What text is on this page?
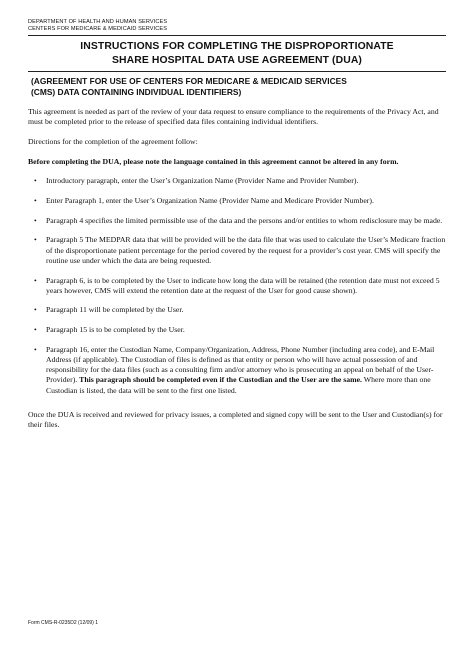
DEPARTMENT OF HEALTH AND HUMAN SERVICES
CENTERS FOR MEDICARE & MEDICAID SERVICES
INSTRUCTIONS FOR COMPLETING THE DISPROPORTIONATE
SHARE HOSPITAL DATA USE AGREEMENT (DUA)
(AGREEMENT FOR USE OF CENTERS FOR MEDICARE & MEDICAID SERVICES
(CMS) DATA CONTAINING INDIVIDUAL IDENTIFIERS)

This agreement is needed as part of the review of your data request to ensure compliance to the requirements of the Privacy Act, and must be completed prior to the release of specified data files containing individual identifiers.

Directions for the completion of the agreement follow:

Before completing the DUA, please note the language contained in this agreement cannot be altered in any form.

• Introductory paragraph, enter the User’s Organization Name (Provider Name and Provider Number).
• Enter Paragraph 1, enter the User’s Organization Name (Provider Name and Medicare Provider Number).
• Paragraph 4 specifies the limited permissible use of the data and the persons and/or entities to whom redisclosure may be made.
• Paragraph 5 The MEDPAR data that will be provided will be the data file that was used to calculate the User’s Medicare fraction of the disproportionate patient percentage for the period covered by the request for a provider’s cost year. CMS will specify the routine use under which the data are being requested.
• Paragraph 6, is to be completed by the User to indicate how long the data will be retained (the retention date must not exceed 5 years however, CMS will extend the retention date at the request of the User for good cause shown).
• Paragraph 11 will be completed by the User.
• Paragraph 15 is to be completed by the User.
• Paragraph 16, enter the Custodian Name, Company/Organization, Address, Phone Number (including area code), and E-Mail Address (if applicable). The Custodian of files is defined as that entity or person who will have actual possession of and responsibility for the data files (such as a consulting firm and/or attorney who is prosecuting an appeal on behalf of the User-Provider). This paragraph should be completed even if the Custodian and the User are the same. Where more than one Custodian is listed, the data will be sent to the first one listed.

Once the DUA is received and reviewed for privacy issues, a completed and signed copy will be sent to the User and Custodian(s) for their files.

Form CMS-R-0235D2 (12/09) 1
